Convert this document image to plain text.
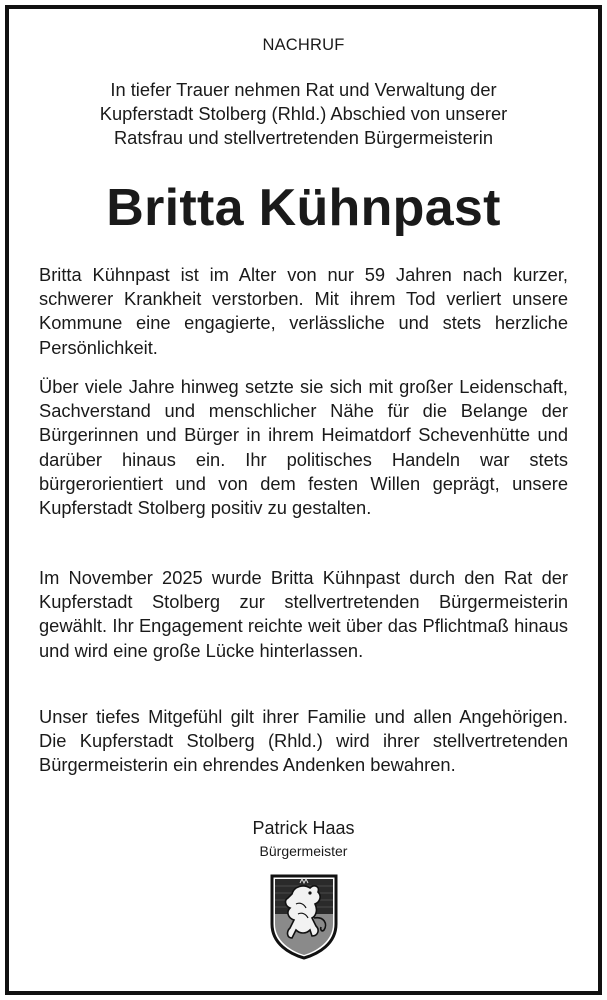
NACHRUF
In tiefer Trauer nehmen Rat und Verwaltung der
Kupferstadt Stolberg (Rhld.) Abschied von unserer
Ratsfrau und stellvertretenden Bürgermeisterin
Britta Kühnpast

Britta Kühnpast ist im Alter von nur 59 Jahren nach kurzer, schwerer Krankheit verstorben. Mit ihrem Tod verliert unsere Kommune eine engagierte, verlässliche und stets herzliche Persönlichkeit.

Über viele Jahre hinweg setzte sie sich mit großer Leidenschaft, Sachverstand und menschlicher Nähe für die Belange der Bürgerinnen und Bürger in ihrem Heimatdorf Schevenhütte und darüber hinaus ein. Ihr politisches Handeln war stets bürgerorientiert und von dem festen Willen geprägt, unsere Kupferstadt Stolberg positiv zu gestalten.

Im November 2025 wurde Britta Kühnpast durch den Rat der Kupferstadt Stolberg zur stellvertretenden Bürgermeisterin gewählt. Ihr Engagement reichte weit über das Pflichtmaß hinaus und wird eine große Lücke hinterlassen.

Unser tiefes Mitgefühl gilt ihrer Familie und allen Angehörigen. Die Kupferstadt Stolberg (Rhld.) wird ihrer stellvertretenden Bürgermeisterin ein ehrendes Andenken bewahren.

Patrick Haas
Bürgermeister
